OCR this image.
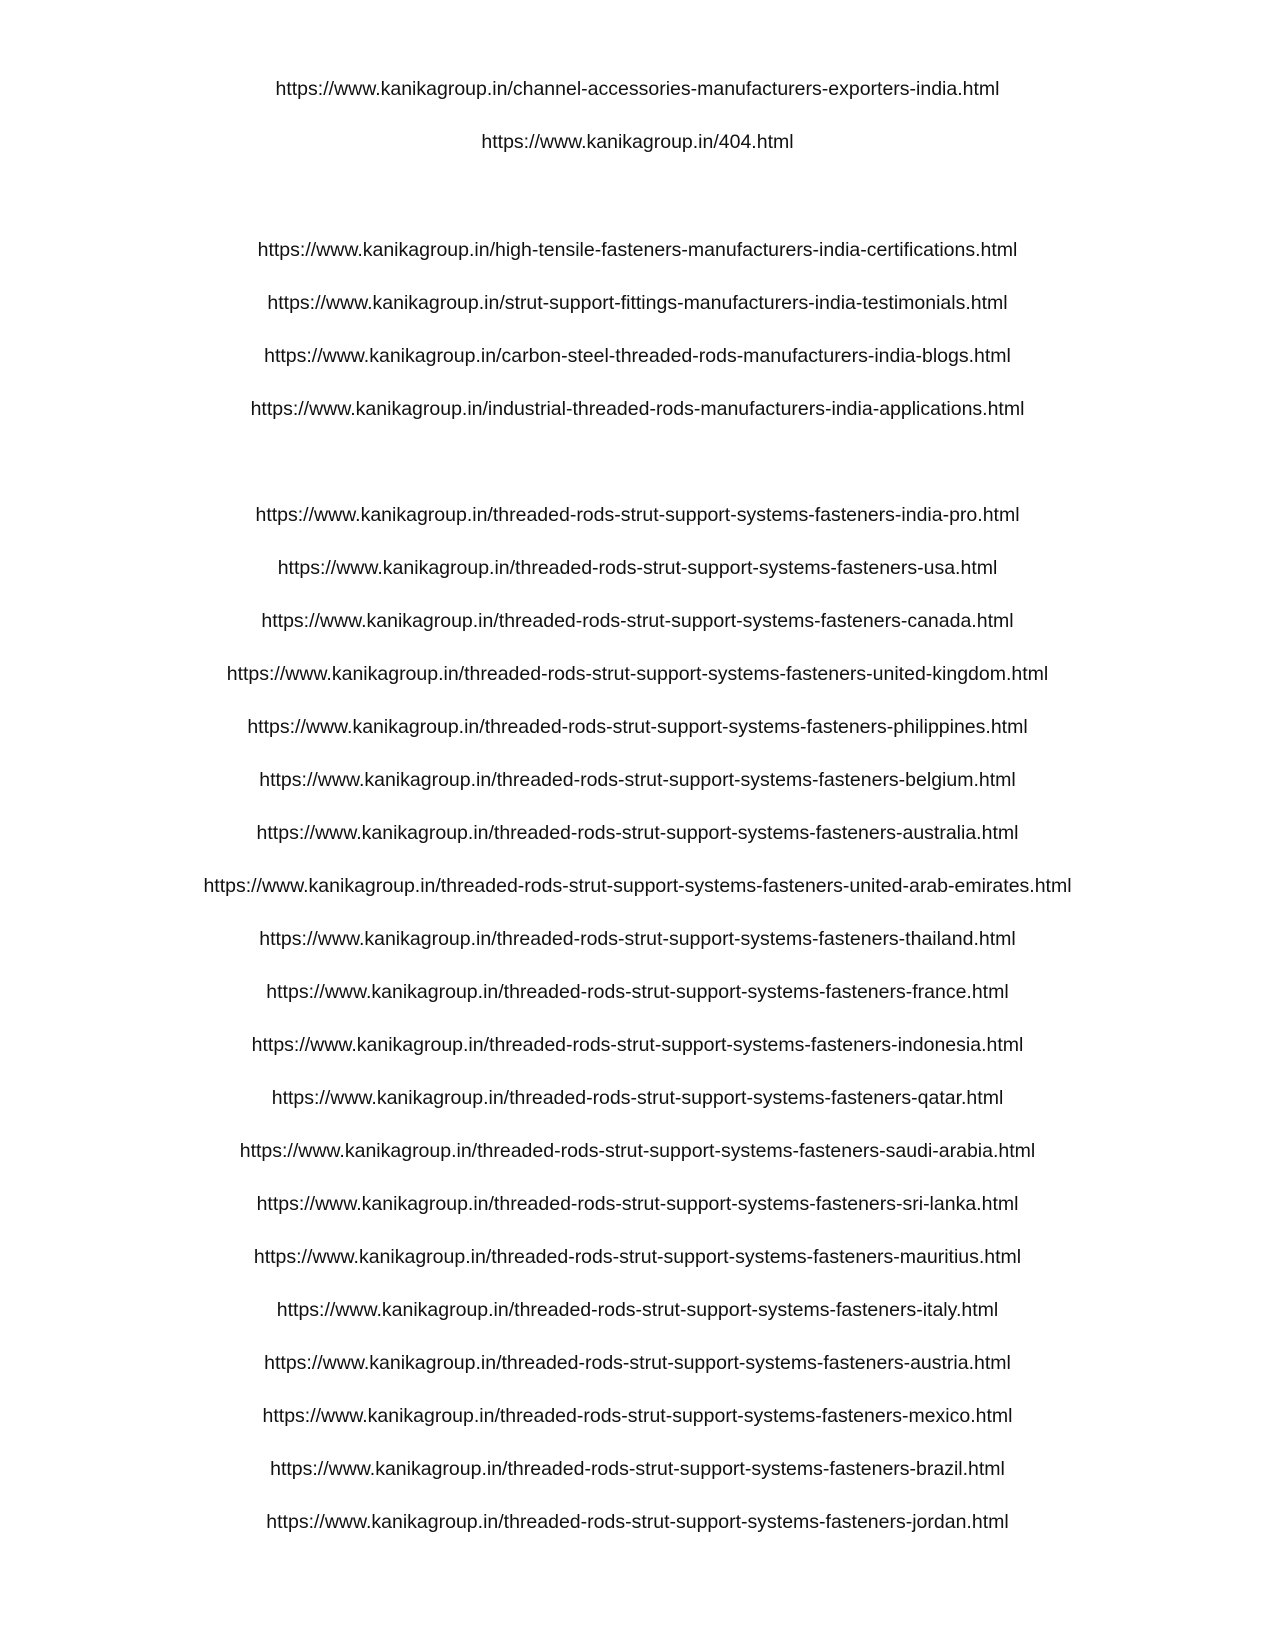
https://www.kanikagroup.in/channel-accessories-manufacturers-exporters-india.html
https://www.kanikagroup.in/404.html
https://www.kanikagroup.in/high-tensile-fasteners-manufacturers-india-certifications.html
https://www.kanikagroup.in/strut-support-fittings-manufacturers-india-testimonials.html
https://www.kanikagroup.in/carbon-steel-threaded-rods-manufacturers-india-blogs.html
https://www.kanikagroup.in/industrial-threaded-rods-manufacturers-india-applications.html
https://www.kanikagroup.in/threaded-rods-strut-support-systems-fasteners-india-pro.html
https://www.kanikagroup.in/threaded-rods-strut-support-systems-fasteners-usa.html
https://www.kanikagroup.in/threaded-rods-strut-support-systems-fasteners-canada.html
https://www.kanikagroup.in/threaded-rods-strut-support-systems-fasteners-united-kingdom.html
https://www.kanikagroup.in/threaded-rods-strut-support-systems-fasteners-philippines.html
https://www.kanikagroup.in/threaded-rods-strut-support-systems-fasteners-belgium.html
https://www.kanikagroup.in/threaded-rods-strut-support-systems-fasteners-australia.html
https://www.kanikagroup.in/threaded-rods-strut-support-systems-fasteners-united-arab-emirates.html
https://www.kanikagroup.in/threaded-rods-strut-support-systems-fasteners-thailand.html
https://www.kanikagroup.in/threaded-rods-strut-support-systems-fasteners-france.html
https://www.kanikagroup.in/threaded-rods-strut-support-systems-fasteners-indonesia.html
https://www.kanikagroup.in/threaded-rods-strut-support-systems-fasteners-qatar.html
https://www.kanikagroup.in/threaded-rods-strut-support-systems-fasteners-saudi-arabia.html
https://www.kanikagroup.in/threaded-rods-strut-support-systems-fasteners-sri-lanka.html
https://www.kanikagroup.in/threaded-rods-strut-support-systems-fasteners-mauritius.html
https://www.kanikagroup.in/threaded-rods-strut-support-systems-fasteners-italy.html
https://www.kanikagroup.in/threaded-rods-strut-support-systems-fasteners-austria.html
https://www.kanikagroup.in/threaded-rods-strut-support-systems-fasteners-mexico.html
https://www.kanikagroup.in/threaded-rods-strut-support-systems-fasteners-brazil.html
https://www.kanikagroup.in/threaded-rods-strut-support-systems-fasteners-jordan.html
